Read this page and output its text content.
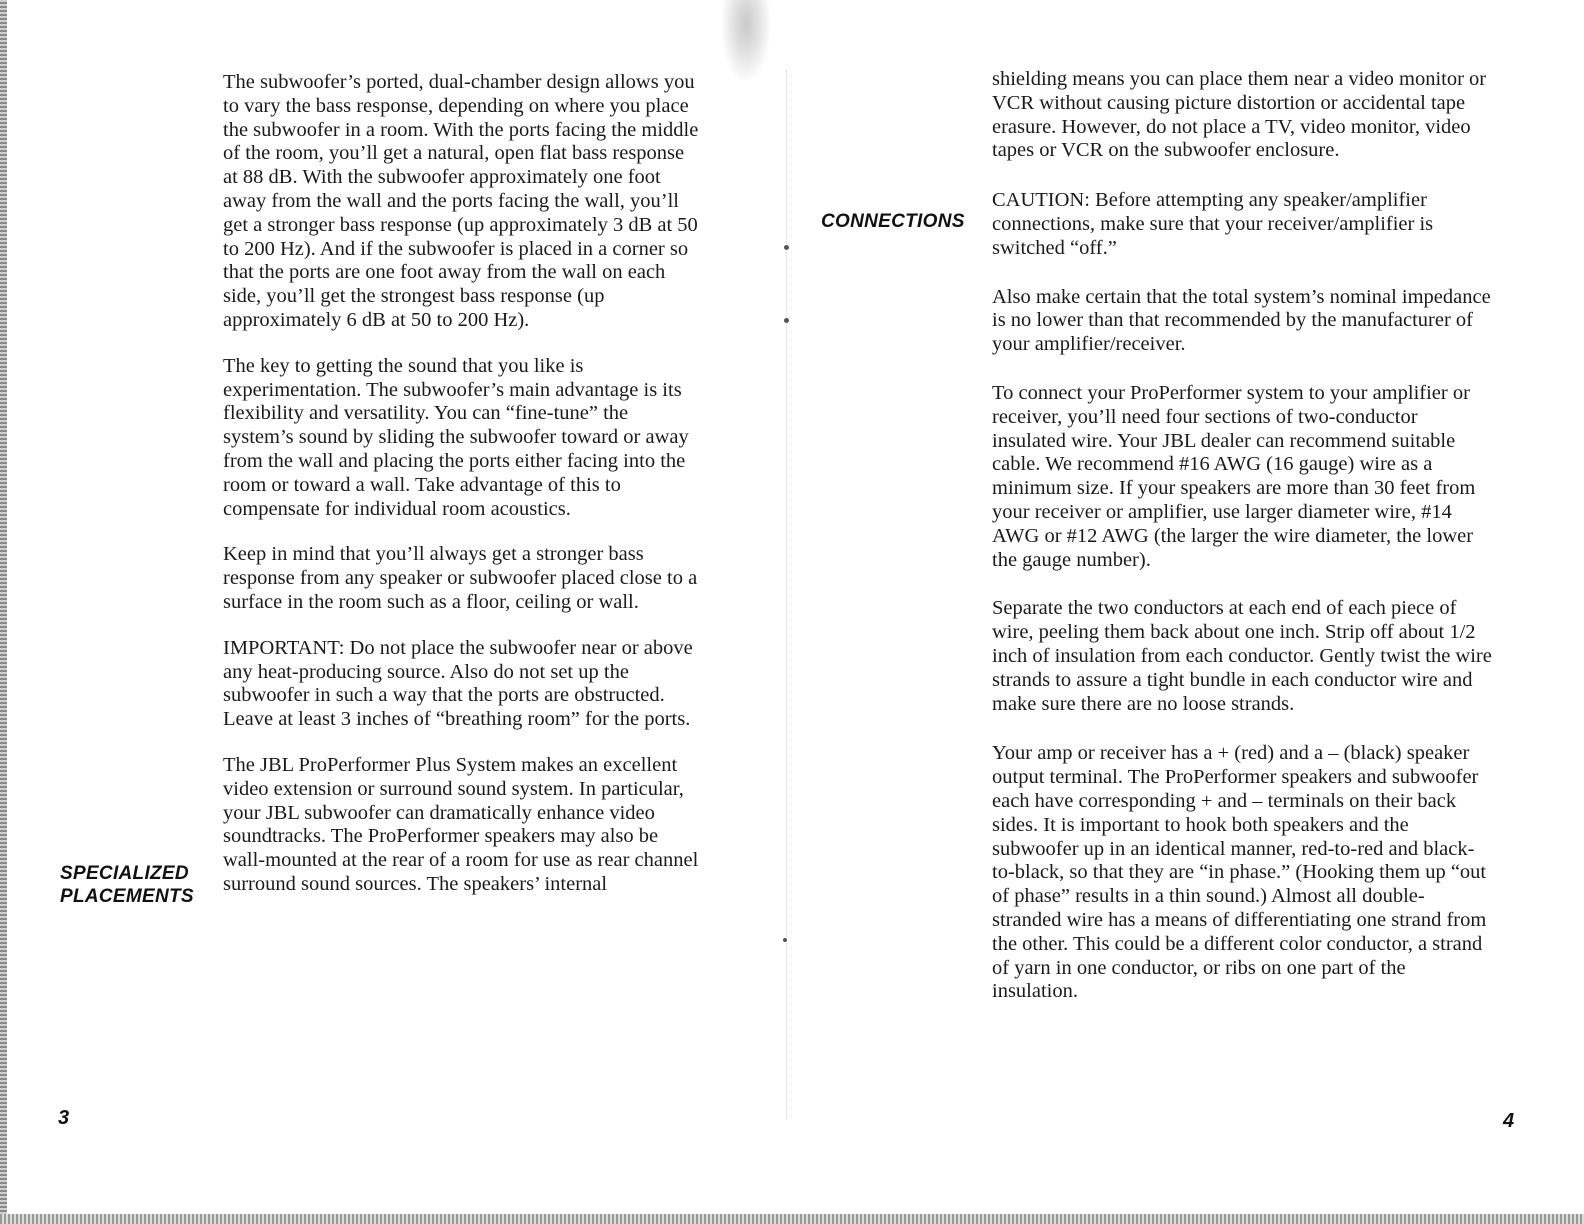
The subwoofer’s ported, dual-chamber design allows you to vary the bass response, depending on where you place the subwoofer in a room. With the ports facing the middle of the room, you’ll get a natural, open flat bass response at 88 dB. With the subwoofer approximately one foot away from the wall and the ports facing the wall, you’ll get a stronger bass response (up approximately 3 dB at 50 to 200 Hz). And if the subwoofer is placed in a corner so that the ports are one foot away from the wall on each side, you’ll get the strongest bass response (up approximately 6 dB at 50 to 200 Hz).

The key to getting the sound that you like is experimentation. The subwoofer’s main advantage is its flexibility and versatility. You can “fine-tune” the system’s sound by sliding the subwoofer toward or away from the wall and placing the ports either facing into the room or toward a wall. Take advantage of this to compensate for individual room acoustics.

Keep in mind that you’ll always get a stronger bass response from any speaker or subwoofer placed close to a surface in the room such as a floor, ceiling or wall.

IMPORTANT: Do not place the subwoofer near or above any heat-producing source. Also do not set up the subwoofer in such a way that the ports are obstructed. Leave at least 3 inches of “breathing room” for the ports.

The JBL ProPerformer Plus System makes an excellent video extension or surround sound system. In particular, your JBL subwoofer can dramatically enhance video soundtracks. The ProPerformer speakers may also be wall-mounted at the rear of a room for use as rear channel surround sound sources. The speakers’ internal

SPECIALIZED
PLACEMENTS
3
CONNECTIONS

shielding means you can place them near a video monitor or VCR without causing picture distortion or accidental tape erasure. However, do not place a TV, video monitor, video tapes or VCR on the subwoofer enclosure.

CAUTION: Before attempting any speaker/amplifier connections, make sure that your receiver/amplifier is switched “off.”

Also make certain that the total system’s nominal impedance is no lower than that recommended by the manufacturer of your amplifier/receiver.

To connect your ProPerformer system to your amplifier or receiver, you’ll need four sections of two-conductor insulated wire. Your JBL dealer can recommend suitable cable. We recommend #16 AWG (16 gauge) wire as a minimum size. If your speakers are more than 30 feet from your receiver or amplifier, use larger diameter wire, #14 AWG or #12 AWG (the larger the wire diameter, the lower the gauge number).

Separate the two conductors at each end of each piece of wire, peeling them back about one inch. Strip off about 1/2 inch of insulation from each conductor. Gently twist the wire strands to assure a tight bundle in each conductor wire and make sure there are no loose strands.

Your amp or receiver has a + (red) and a – (black) speaker output terminal. The ProPerformer speakers and subwoofer each have corresponding + and – terminals on their back sides. It is important to hook both speakers and the subwoofer up in an identical manner, red-to-red and black-to-black, so that they are “in phase.” (Hooking them up “out of phase” results in a thin sound.) Almost all double-stranded wire has a means of differentiating one strand from the other. This could be a different color conductor, a strand of yarn in one conductor, or ribs on one part of the insulation.

4
